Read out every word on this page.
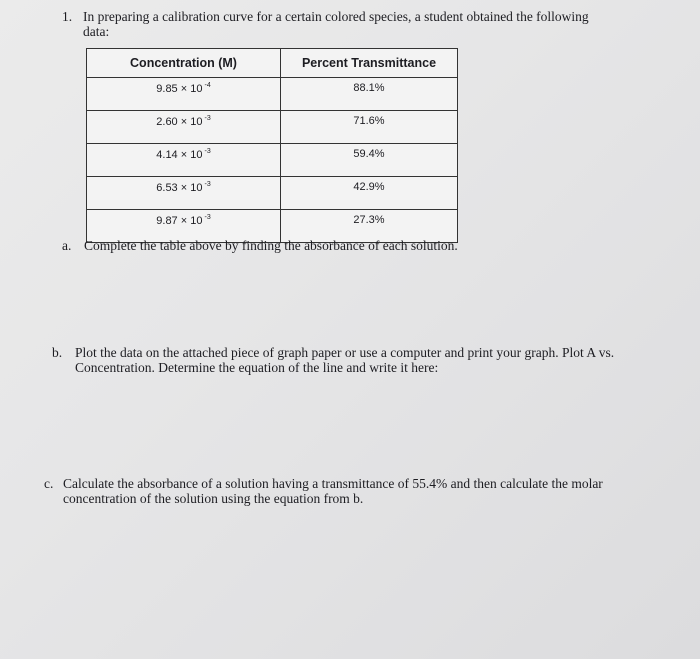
1. In preparing a calibration curve for a certain colored species, a student obtained the following data:
Concentration (M)	Percent Transmittance
9.85 × 10 $^{-4}$	88.1%
2.60 × 10 $^{-3}$	71.6%
4.14 × 10 $^{-3}$	59.4%
6.53 × 10 $^{-3}$	42.9%
9.87 × 10 $^{-3}$	27.3%
a. Complete the table above by finding the absorbance of each solution.
b. Plot the data on the attached piece of graph paper or use a computer and print your graph. Plot A vs. Concentration. Determine the equation of the line and write it here:
c. Calculate the absorbance of a solution having a transmittance of 55.4% and then calculate the molar concentration of the solution using the equation from b.
